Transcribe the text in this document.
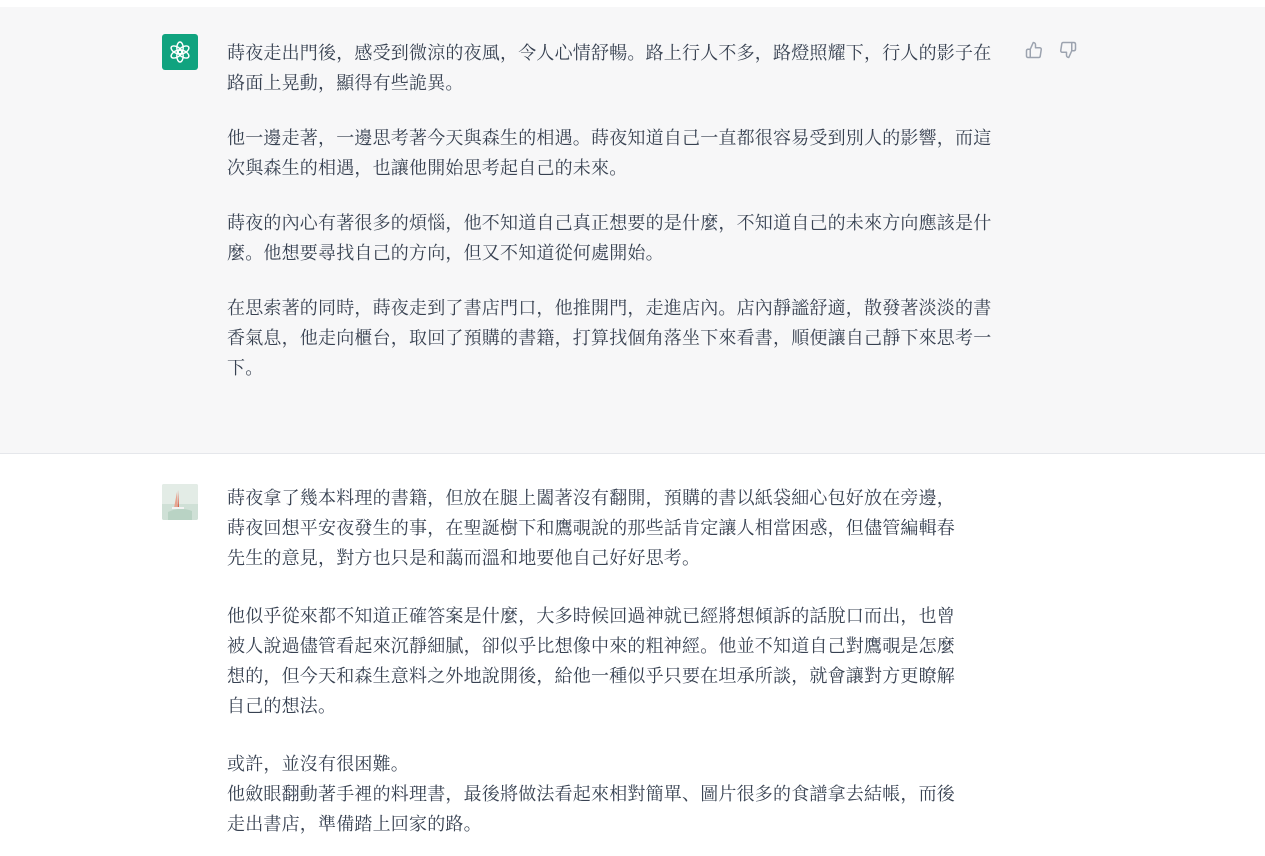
蒔夜走出門後，感受到微涼的夜風，令人心情舒暢。路上行人不多，路燈照耀下，行人的影子在路面上晃動，顯得有些詭異。

他一邊走著，一邊思考著今天與森生的相遇。蒔夜知道自己一直都很容易受到別人的影響，而這次與森生的相遇，也讓他開始思考起自己的未來。

蒔夜的內心有著很多的煩惱，他不知道自己真正想要的是什麼，不知道自己的未來方向應該是什麼。他想要尋找自己的方向，但又不知道從何處開始。

在思索著的同時，蒔夜走到了書店門口，他推開門，走進店內。店內靜謐舒適，散發著淡淡的書香氣息，他走向櫃台，取回了預購的書籍，打算找個角落坐下來看書，順便讓自己靜下來思考一下。

蒔夜拿了幾本料理的書籍，但放在腿上闔著沒有翻開，預購的書以紙袋細心包好放在旁邊，

蒔夜回想平安夜發生的事，在聖誕樹下和鷹覗說的那些話肯定讓人相當困惑，但儘管編輯春

先生的意見，對方也只是和藹而溫和地要他自己好好思考。

他似乎從來都不知道正確答案是什麼，大多時候回過神就已經將想傾訴的話脫口而出，也曾

被人說過儘管看起來沉靜細膩，卻似乎比想像中來的粗神經。他並不知道自己對鷹覗是怎麼

想的，但今天和森生意料之外地說開後，給他一種似乎只要在坦承所談，就會讓對方更瞭解

自己的想法。

或許，並沒有很困難。

他斂眼翻動著手裡的料理書，最後將做法看起來相對簡單、圖片很多的食譜拿去結帳，而後

走出書店，準備踏上回家的路。
